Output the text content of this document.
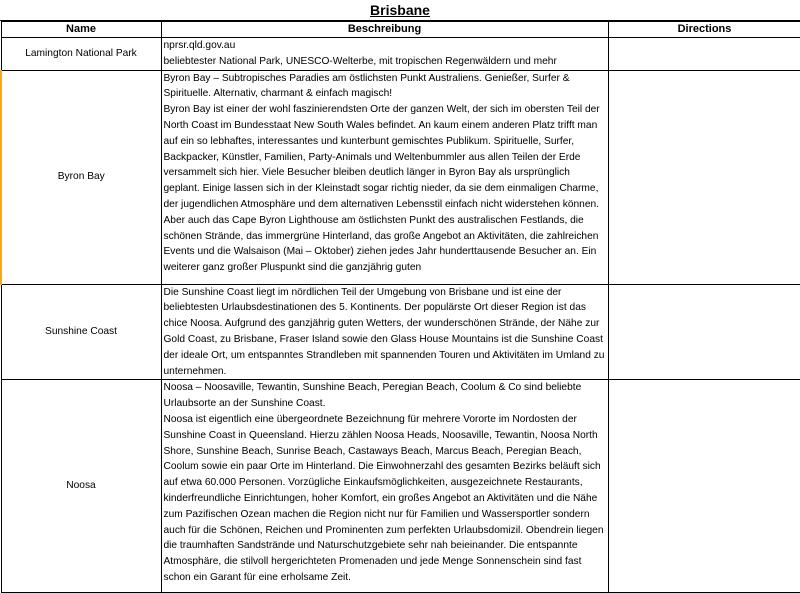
Brisbane
Name	Beschreibung	Directions
Lamington National Park	nprsr.qld.gov.au

beliebtester National Park, UNESCO-Welterbe, mit tropischen Regenwäldern und mehr	

Byron Bay	Byron Bay – Subtropisches Paradies am östlichsten Punkt Australiens. Genießer, Surfer & Spirituelle. Alternativ, charmant & einfach magisch!

Byron Bay ist einer der wohl faszinierendsten Orte der ganzen Welt, der sich im obersten Teil der North Coast im Bundesstaat New South Wales befindet. An kaum einem anderen Platz trifft man auf ein so lebhaftes, interessantes und kunterbunt gemischtes Publikum. Spirituelle, Surfer, Backpacker, Künstler, Familien, Party-Animals und Weltenbummler aus allen Teilen der Erde versammelt sich hier. Viele Besucher bleiben deutlich länger in Byron Bay als ursprünglich geplant. Einige lassen sich in der Kleinstadt sogar richtig nieder, da sie dem einmaligen Charme, der jugendlichen Atmosphäre und dem alternativen Lebensstil einfach nicht widerstehen können.

Aber auch das Cape Byron Lighthouse am östlichsten Punkt des australischen Festlands, die schönen Strände, das immergrüne Hinterland, das große Angebot an Aktivitäten, die zahlreichen Events und die Walsaison (Mai – Oktober) ziehen jedes Jahr hunderttausende Besucher an. Ein weiterer ganz großer Pluspunkt sind die ganzjährig guten	

Sunshine Coast	Die Sunshine Coast liegt im nördlichen Teil der Umgebung von Brisbane und ist eine der beliebtesten Urlaubsdestinationen des 5. Kontinents. Der populärste Ort dieser Region ist das chice Noosa. Aufgrund des ganzjährig guten Wetters, der wunderschönen Strände, der Nähe zur Gold Coast, zu Brisbane, Fraser Island sowie den Glass House Mountains ist die Sunshine Coast der ideale Ort, um entspanntes Strandleben mit spannenden Touren und Aktivitäten im Umland zu unternehmen.	

Noosa	Noosa – Noosaville, Tewantin, Sunshine Beach, Peregian Beach, Coolum & Co sind beliebte Urlaubsorte an der Sunshine Coast.

Noosa ist eigentlich eine übergeordnete Bezeichnung für mehrere Vororte im Nordosten der Sunshine Coast in Queensland. Hierzu zählen Noosa Heads, Noosaville, Tewantin, Noosa North Shore, Sunshine Beach, Sunrise Beach, Castaways Beach, Marcus Beach, Peregian Beach, Coolum sowie ein paar Orte im Hinterland. Die Einwohnerzahl des gesamten Bezirks beläuft sich auf etwa 60.000 Personen. Vorzügliche Einkaufsmöglichkeiten, ausgezeichnete Restaurants, kinderfreundliche Einrichtungen, hoher Komfort, ein großes Angebot an Aktivitäten und die Nähe zum Pazifischen Ozean machen die Region nicht nur für Familien und Wassersportler sondern auch für die Schönen, Reichen und Prominenten zum perfekten Urlaubsdomizil. Obendrein liegen die traumhaften Sandstrände und Naturschutzgebiete sehr nah beieinander. Die entspannte Atmosphäre, die stilvoll hergerichteten Promenaden und jede Menge Sonnenschein sind fast schon ein Garant für eine erholsame Zeit.	
